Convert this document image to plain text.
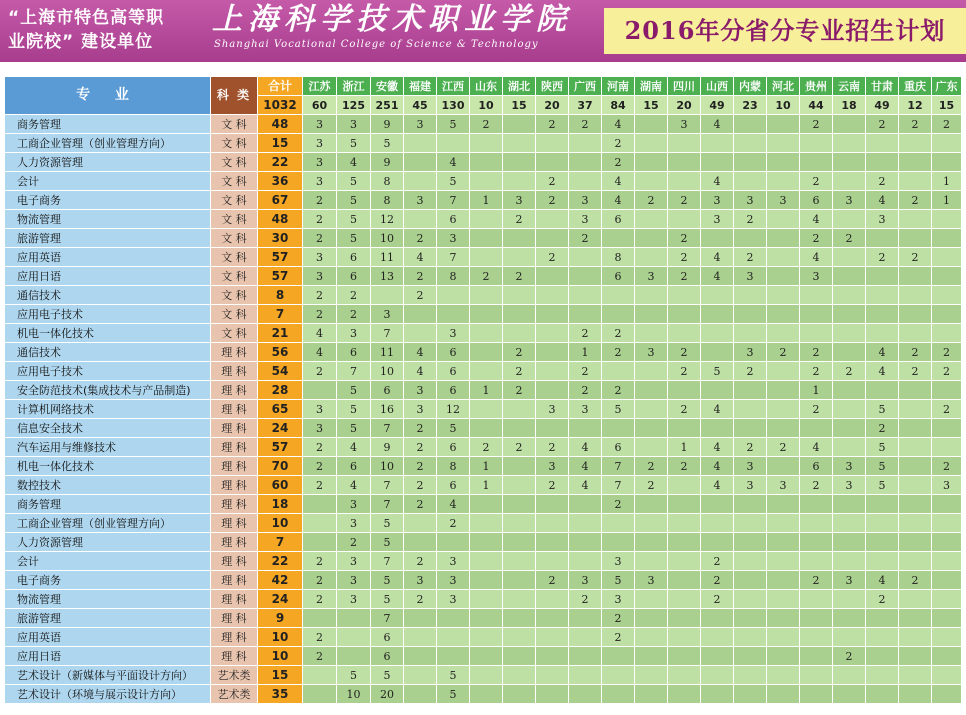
“上海市特色高等职
业院校” 建设单位
上海科学技术职业学院
Shanghai Vocational College of Science & Technology	2016年分省分专业招生计划
专 业	科 类	合计	江苏	浙江	安徽	福建	江西	山东	湖北	陕西	广西	河南	湖南	四川	山西	内蒙	河北	贵州	云南	甘肃	重庆	广东
		1032	60	125	251	45	130	10	15	20	37	84	15	20	49	23	10	44	18	49	12	15
商务管理	文 科	48	3	3	9	3	5	2		2	2	4		3	4			2		2	2	2
工商企业管理（创业管理方向）	文 科	15	3	5	5							2										
人力资源管理	文 科	22	3	4	9		4					2										
会计	文 科	36	3	5	8		5			2		4			4			2		2		1
电子商务	文 科	67	2	5	8	3	7	1	3	2	3	4	2	2	3	3	3	6	3	4	2	1
物流管理	文 科	48	2	5	12		6		2		3	6			3	2		4		3		
旅游管理	文 科	30	2	5	10	2	3				2			2				2	2			
应用英语	文 科	57	3	6	11	4	7			2		8		2	4	2		4		2	2	
应用日语	文 科	57	3	6	13	2	8	2	2			6	3	2	4	3		3				
通信技术	文 科	8	2	2		2																
应用电子技术	文 科	7	2	2	3																	
机电一体化技术	文 科	21	4	3	7		3				2	2										
通信技术	理 科	56	4	6	11	4	6		2		1	2	3	2		3	2	2		4	2	2
应用电子技术	理 科	54	2	7	10	4	6		2		2			2	5	2		2	2	4	2	2
安全防范技术(集成技术与产品制造)	理 科	28		5	6	3	6	1	2		2	2						1				
计算机网络技术	理 科	65	3	5	16	3	12			3	3	5		2	4			2		5		2
信息安全技术	理 科	24	3	5	7	2	5													2		
汽车运用与维修技术	理 科	57	2	4	9	2	6	2	2	2	4	6		1	4	2	2	4		5		
机电一体化技术	理 科	70	2	6	10	2	8	1		3	4	7	2	2	4	3		6	3	5		2
数控技术	理 科	60	2	4	7	2	6	1		2	4	7	2		4	3	3	2	3	5		3
商务管理	理 科	18		3	7	2	4					2										
工商企业管理（创业管理方向）	理 科	10		3	5		2															
人力资源管理	理 科	7		2	5																	
会计	理 科	22	2	3	7	2	3					3			2							
电子商务	理 科	42	2	3	5	3	3			2	3	5	3		2			2	3	4	2	
物流管理	理 科	24	2	3	5	2	3				2	3			2					2		
旅游管理	理 科	9			7							2										
应用英语	理 科	10	2		6							2										
应用日语	理 科	10	2		6														2			
艺术设计（新媒体与平面设计方向）	艺术类	15		5	5		5															
艺术设计（环境与展示设计方向）	艺术类	35		10	20		5															
